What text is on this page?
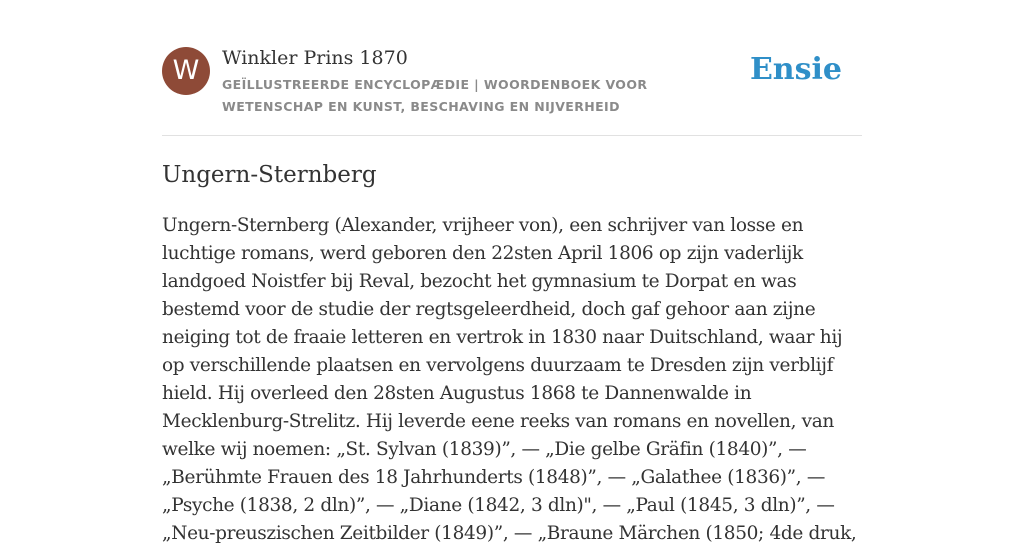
W	Winkler Prins 1870
GEÏLLUSTREERDE ENCYCLOPÆDIE | WOORDENBOEK VOOR WETENSCHAP EN KUNST, BESCHAVING EN NIJVERHEID
Ensie
Ungern-Sternberg

Ungern-Sternberg (Alexander, vrijheer von), een schrijver van losse en luchtige romans, werd geboren den 22sten April 1806 op zijn vaderlijk landgoed Noistfer bij Reval, bezocht het gymnasium te Dorpat en was bestemd voor de studie der regtsgeleerdheid, doch gaf gehoor aan zijne neiging tot de fraaie letteren en vertrok in 1830 naar Duitschland, waar hij op verschillende plaatsen en vervolgens duurzaam te Dresden zijn verblijf hield. Hij overleed den 28sten Augustus 1868 te Dannenwalde in Mecklenburg-Strelitz. Hij leverde eene reeks van romans en novellen, van welke wij noemen: „St. Sylvan (1839)”, — „Die gelbe Gräfin (1840)”, — „Berühmte Frauen des 18 Jahrhunderts (1848)”, — „Galathee (1836)”, — „Psyche (1838, 2 dln)”, — „Diane (1842, 3 dln)", — „Paul (1845, 3 dln)”, — „Neu-preuszischen Zeitbilder (1849)”, — „Braune Märchen (1850; 4de druk,
